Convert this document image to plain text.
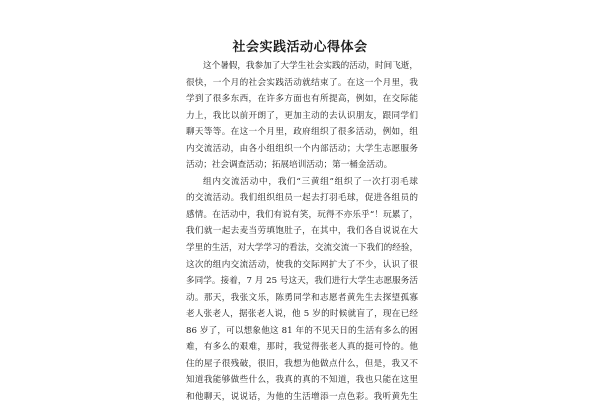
社会实践活动心得体会
这个暑假，我参加了大学生社会实践的活动，时间飞逝，
很快，一个月的社会实践活动就结束了。在这一个月里，我
学到了很多东西，在许多方面也有所提高，例如，在交际能
力上，我比以前开朗了，更加主动的去认识朋友，跟同学们
聊天等等。在这一个月里，政府组织了很多活动，例如，组
内交流活动，由各小组组织一个内部活动；大学生志愿服务
活动；社会调查活动；拓展培训活动；第一桶金活动。
组内交流活动中，我们“三黄组”组织了一次打羽毛球
的交流活动。我们组织组员一起去打羽毛球，促进各组员的
感情。在活动中，我们有说有笑，玩得不亦乐乎“！玩累了，
我们就一起去麦当劳填饱肚子，在其中，我们各自说说在大
学里的生活，对大学学习的看法，交流交流一下我们的经验，
这次的组内交流活动，使我的交际网扩大了不少，认识了很
多同学。接着，7 月 25 号这天，我们进行大学生志愿服务活
动。那天，我张文乐，陈勇同学和志愿者黄先生去探望孤寡
老人张老人，据张老人说，他 5 岁的时候就盲了，现在已经
86 岁了，可以想象他这 81 年的不见天日的生活有多么的困
难，有多么的艰难，那时，我觉得张老人真的挺可怜的。他
住的屋子很残破，很旧，我想为他做点什么，但是，我又不
知道我能够做些什么，我真的真的不知道，我也只能在这里
和他聊天，说说话，为他的生活增添一点色彩。我听黄先生
